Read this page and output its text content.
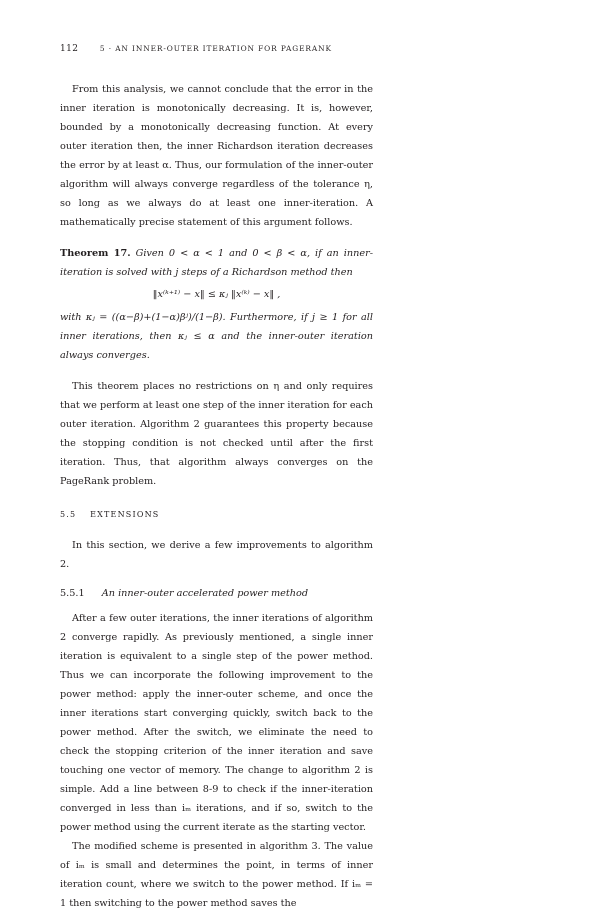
112	5 · AN INNER-OUTER ITERATION FOR PAGERANK

From this analysis, we cannot conclude that the error in the inner iteration is monotonically decreasing. It is, however, bounded by a monotonically decreasing function. At every outer iteration then, the inner Richardson iteration decreases the error by at least α. Thus, our formulation of the inner-outer algorithm will always converge regardless of the tolerance η, so long as we always do at least one inner-iteration. A mathematically precise statement of this argument follows.

Theorem 17. Given 0 < α < 1 and 0 < β < α, if an inner-iteration is solved with j steps of a Richardson method then

‖x⁽ᵏ⁺¹⁾ − x‖ ≤ κⱼ ‖x⁽ᵏ⁾ − x‖ ,

with κⱼ = ((α−β)+(1−α)βʲ)/(1−β). Furthermore, if j ≥ 1 for all inner iterations, then κⱼ ≤ α and the inner-outer iteration always converges.

This theorem places no restrictions on η and only requires that we perform at least one step of the inner iteration for each outer iteration. Algorithm 2 guarantees this property because the stopping condition is not checked until after the first iteration. Thus, that algorithm always converges on the PageRank problem.

5.5 EXTENSIONS

In this section, we derive a few improvements to algorithm 2.

5.5.1 An inner-outer accelerated power method

After a few outer iterations, the inner iterations of algorithm 2 converge rapidly. As previously mentioned, a single inner iteration is equivalent to a single step of the power method. Thus we can incorporate the following improvement to the power method: apply the inner-outer scheme, and once the inner iterations start converging quickly, switch back to the power method. After the switch, we eliminate the need to check the stopping criterion of the inner iteration and save touching one vector of memory. The change to algorithm 2 is simple. Add a line between 8-9 to check if the inner-iteration converged in less than iₘ iterations, and if so, switch to the power method using the current iterate as the starting vector.

The modified scheme is presented in algorithm 3. The value of iₘ is small and determines the point, in terms of inner iteration count, where we switch to the power method. If iₘ = 1 then switching to the power method saves the
